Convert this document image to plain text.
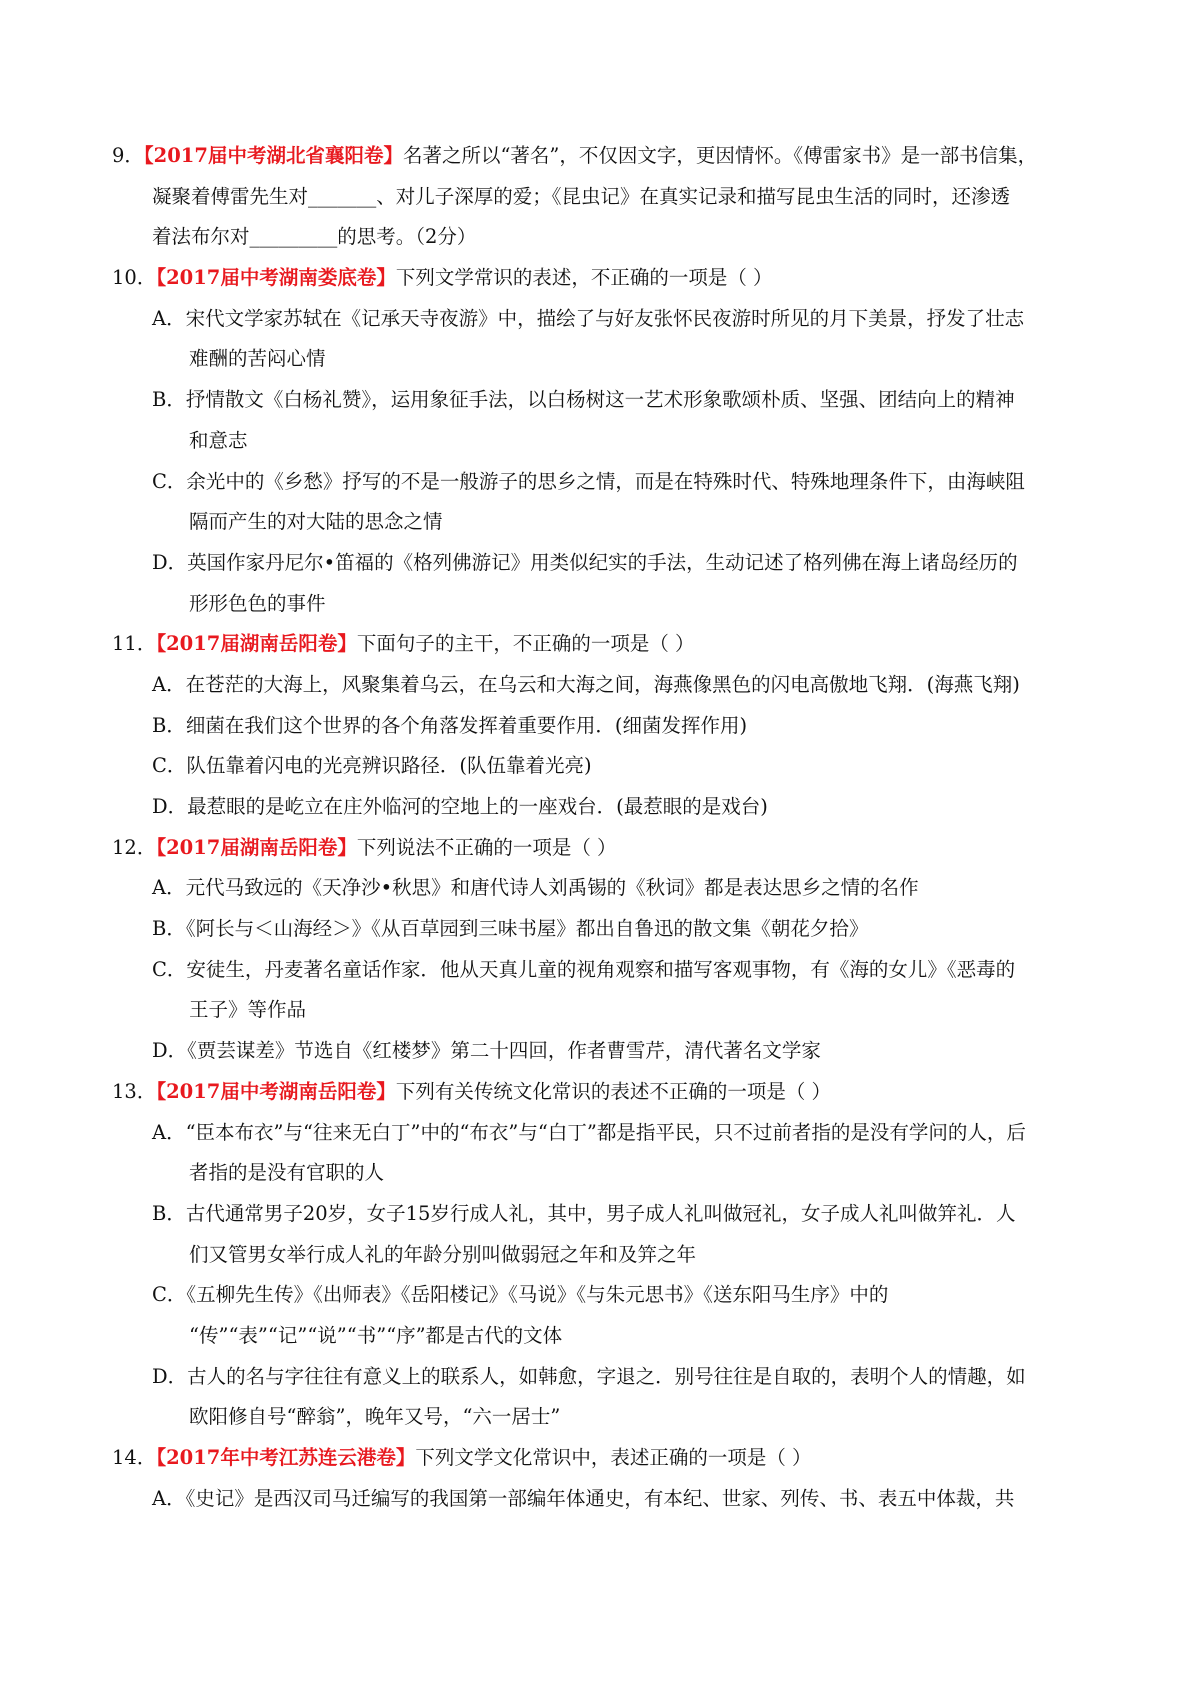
9．【2017届中考湖北省襄阳卷】名著之所以“著名”，不仅因文字，更因情怀。《傅雷家书》是一部书信集，
凝聚着傅雷先生对_______、对儿子深厚的爱；《昆虫记》在真实记录和描写昆虫生活的同时，还渗透
着法布尔对_________的思考。（2分）
10．【2017届中考湖南娄底卷】下列文学常识的表述，不正确的一项是（ ）
A．宋代文学家苏轼在《记承天寺夜游》中，描绘了与好友张怀民夜游时所见的月下美景，抒发了壮志
难酬的苦闷心情
B．抒情散文《白杨礼赞》，运用象征手法，以白杨树这一艺术形象歌颂朴质、坚强、团结向上的精神
和意志
C．余光中的《乡愁》抒写的不是一般游子的思乡之情，而是在特殊时代、特殊地理条件下，由海峡阻
隔而产生的对大陆的思念之情
D．英国作家丹尼尔•笛福的《格列佛游记》用类似纪实的手法，生动记述了格列佛在海上诸岛经历的
形形色色的事件
11．【2017届湖南岳阳卷】下面句子的主干，不正确的一项是（ ）
A．在苍茫的大海上，风聚集着乌云，在乌云和大海之间，海燕像黑色的闪电高傲地飞翔．(海燕飞翔)
B．细菌在我们这个世界的各个角落发挥着重要作用．(细菌发挥作用)
C．队伍靠着闪电的光亮辨识路径．(队伍靠着光亮)
D．最惹眼的是屹立在庄外临河的空地上的一座戏台．(最惹眼的是戏台)
12．【2017届湖南岳阳卷】下列说法不正确的一项是（ ）
A．元代马致远的《天净沙•秋思》和唐代诗人刘禹锡的《秋词》都是表达思乡之情的名作
B．《阿长与＜山海经＞》《从百草园到三味书屋》都出自鲁迅的散文集《朝花夕拾》
C．安徒生，丹麦著名童话作家．他从天真儿童的视角观察和描写客观事物，有《海的女儿》《恶毒的
王子》等作品
D．《贾芸谋差》节选自《红楼梦》第二十四回，作者曹雪芹，清代著名文学家
13．【2017届中考湖南岳阳卷】下列有关传统文化常识的表述不正确的一项是（ ）
A．“臣本布衣”与“往来无白丁”中的“布衣”与“白丁”都是指平民，只不过前者指的是没有学问的人，后
者指的是没有官职的人
B．古代通常男子20岁，女子15岁行成人礼，其中，男子成人礼叫做冠礼，女子成人礼叫做笄礼．人
们又管男女举行成人礼的年龄分别叫做弱冠之年和及笄之年
C．《五柳先生传》《出师表》《岳阳楼记》《马说》《与朱元思书》《送东阳马生序》中的
“传”“表”“记”“说”“书”“序”都是古代的文体
D．古人的名与字往往有意义上的联系人，如韩愈，字退之．别号往往是自取的，表明个人的情趣，如
欧阳修自号“醉翁”，晚年又号，“六一居士”
14．【2017年中考江苏连云港卷】下列文学文化常识中，表述正确的一项是（ ）
A．《史记》是西汉司马迁编写的我国第一部编年体通史，有本纪、世家、列传、书、表五中体裁，共
